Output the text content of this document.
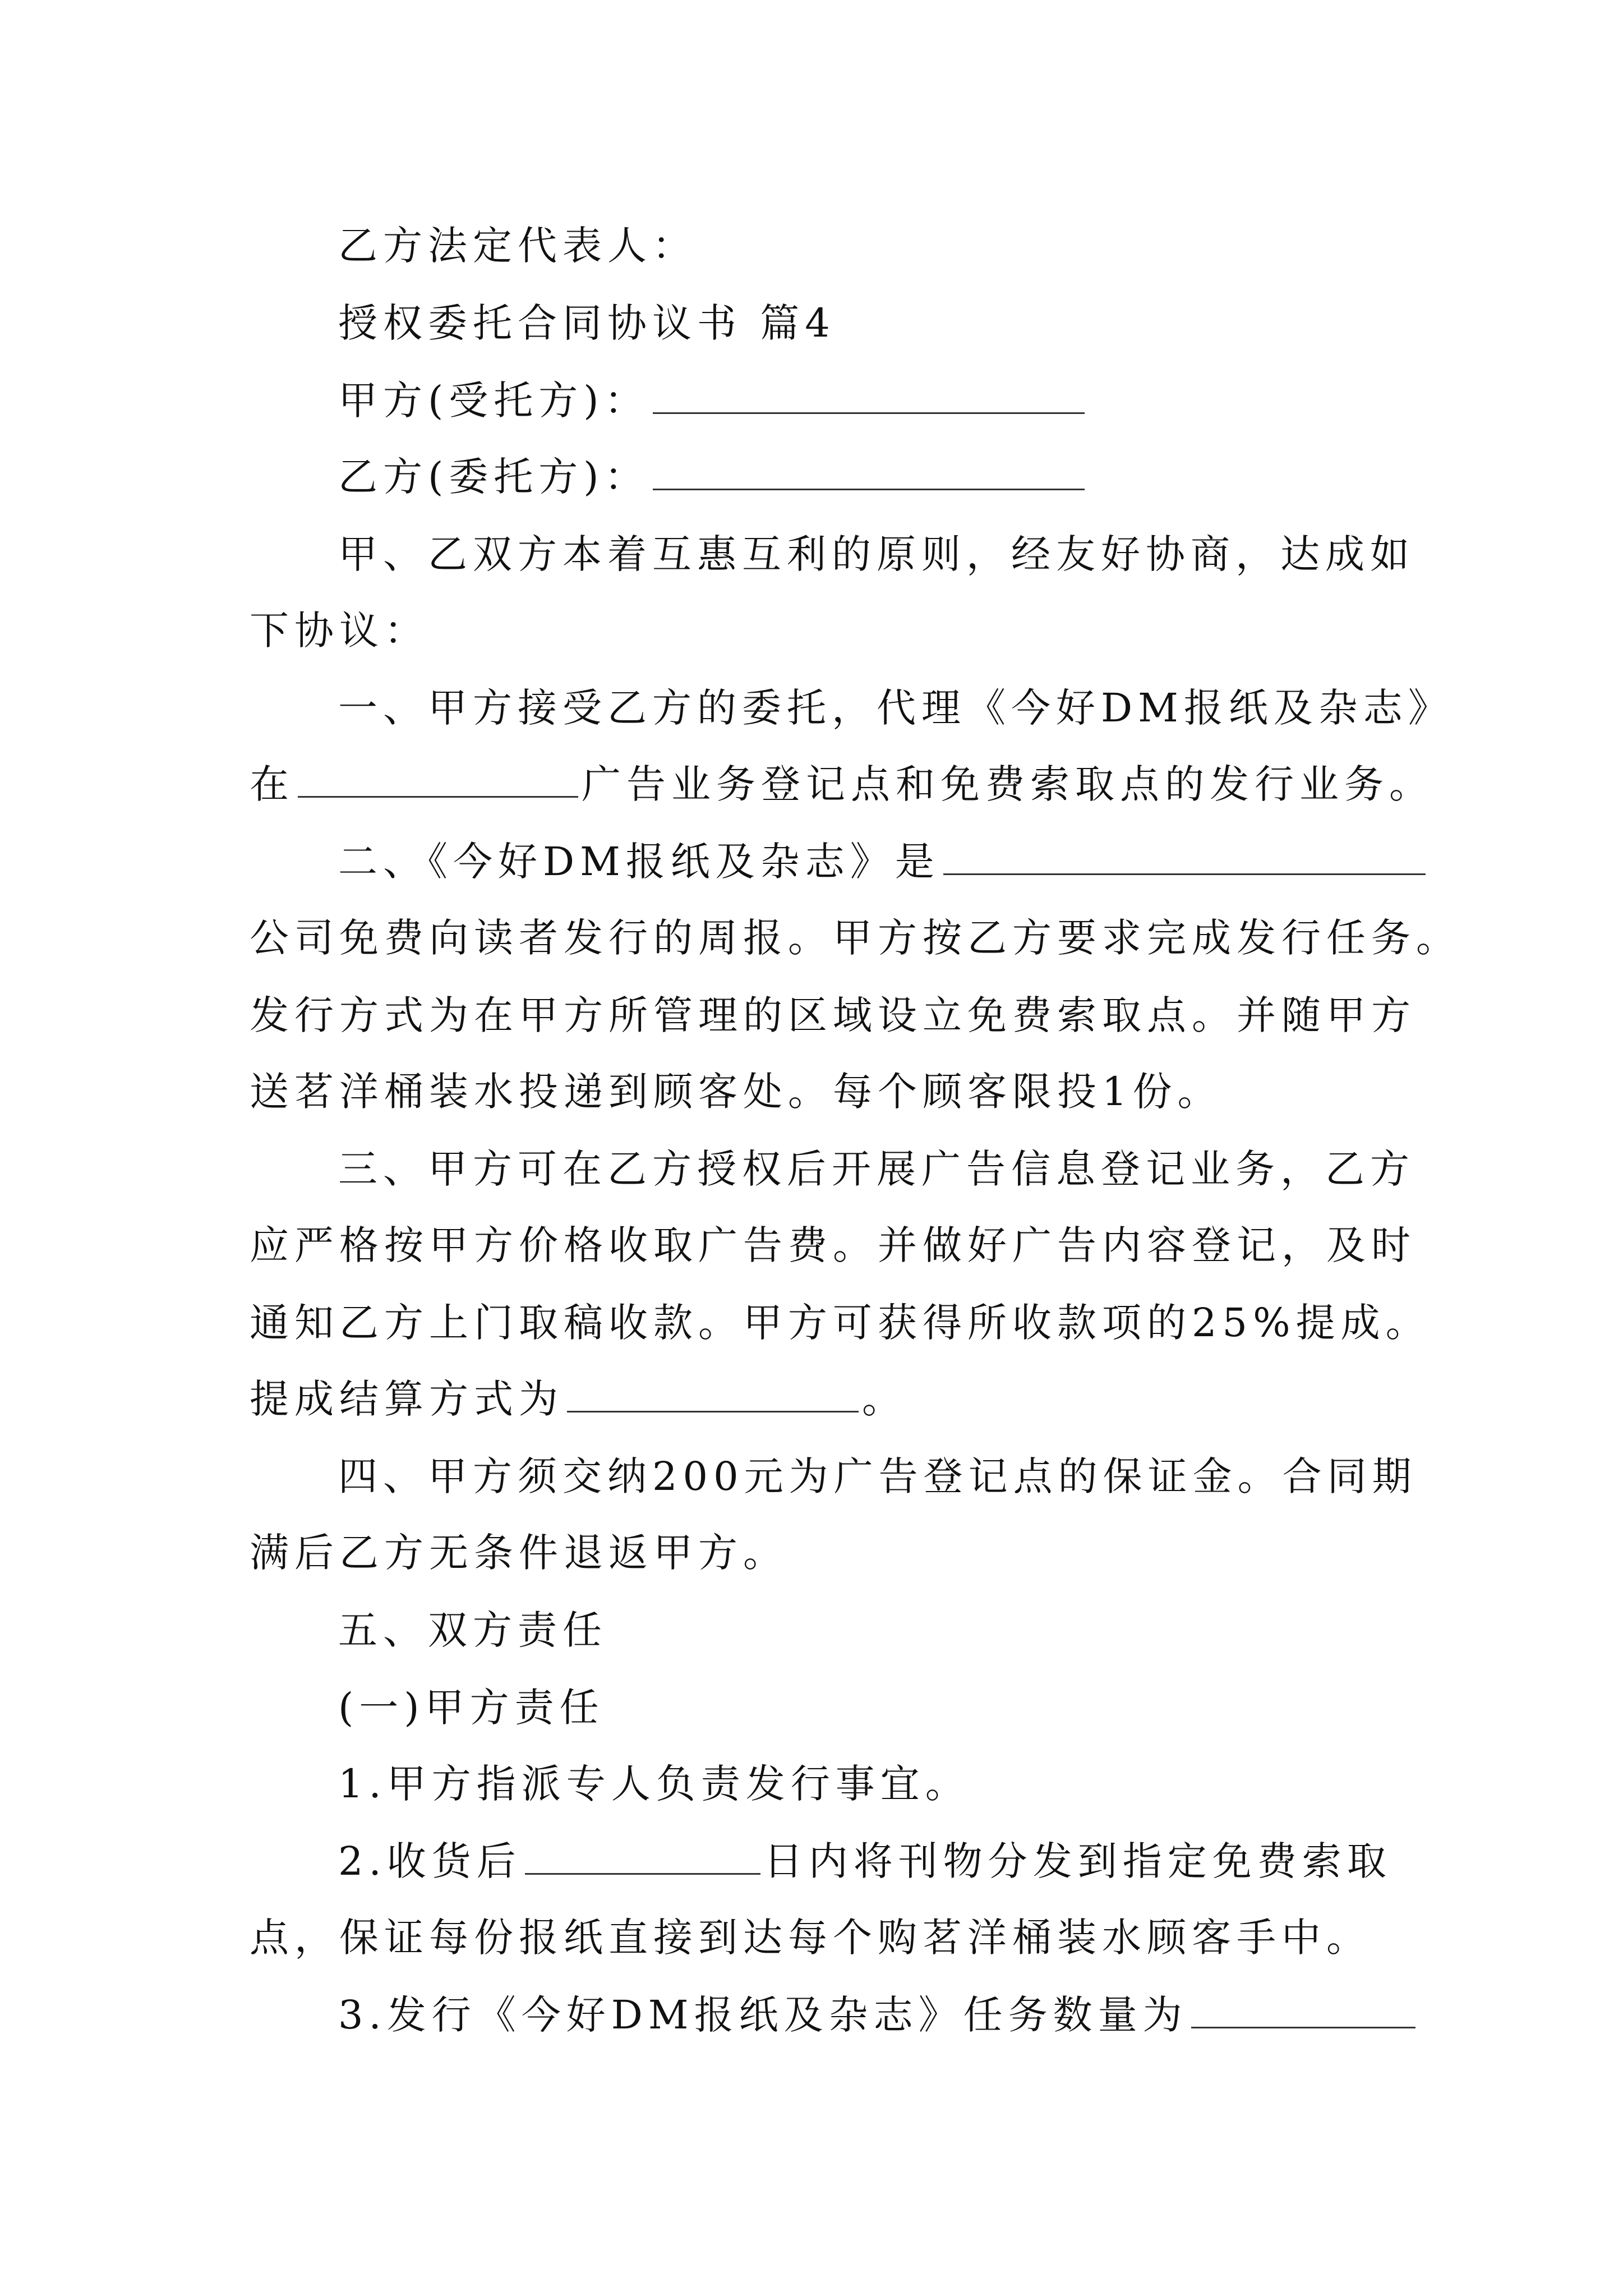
乙方法定代表人：
授权委托合同协议书 篇4
甲方(受托方)：
乙方(委托方)：
甲、乙双方本着互惠互利的原则，经友好协商，达成如
下协议：
一、甲方接受乙方的委托，代理《今好DM报纸及杂志》
在	广告业务登记点和免费索取点的发行业务。
二、《今好DM报纸及杂志》是
公司免费向读者发行的周报。甲方按乙方要求完成发行任务。
发行方式为在甲方所管理的区域设立免费索取点。并随甲方
送茗洋桶装水投递到顾客处。每个顾客限投1份。
三、甲方可在乙方授权后开展广告信息登记业务，乙方
应严格按甲方价格收取广告费。并做好广告内容登记，及时
通知乙方上门取稿收款。甲方可获得所收款项的25%提成。
提成结算方式为	。
四、甲方须交纳200元为广告登记点的保证金。合同期
满后乙方无条件退返甲方。
五、双方责任
(一)甲方责任
1.甲方指派专人负责发行事宜。
2.收货后	日内将刊物分发到指定免费索取
点，保证每份报纸直接到达每个购茗洋桶装水顾客手中。
3.发行《今好DM报纸及杂志》任务数量为
